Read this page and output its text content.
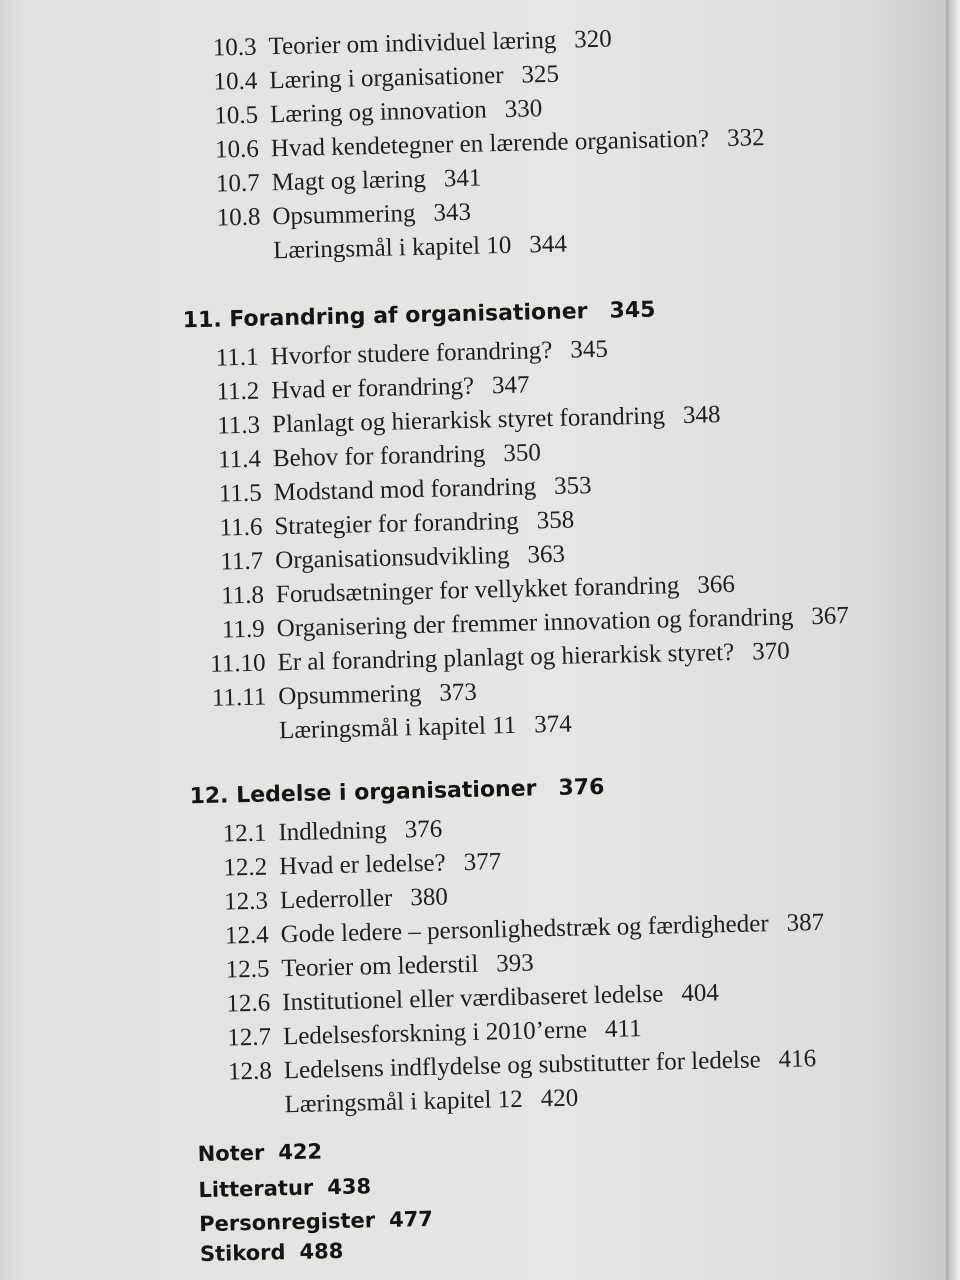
10.3 Teorier om individuel læring 320
10.4 Læring i organisationer 325
10.5 Læring og innovation 330
10.6 Hvad kendetegner en lærende organisation? 332
10.7 Magt og læring 341
10.8 Opsummering 343
Læringsmål i kapitel 10 344
11. Forandring af organisationer 345
11.1 Hvorfor studere forandring? 345
11.2 Hvad er forandring? 347
11.3 Planlagt og hierarkisk styret forandring 348
11.4 Behov for forandring 350
11.5 Modstand mod forandring 353
11.6 Strategier for forandring 358
11.7 Organisationsudvikling 363
11.8 Forudsætninger for vellykket forandring 366
11.9 Organisering der fremmer innovation og forandring 367
11.10 Er al forandring planlagt og hierarkisk styret? 370
11.11 Opsummering 373
Læringsmål i kapitel 11 374
12. Ledelse i organisationer 376
12.1 Indledning 376
12.2 Hvad er ledelse? 377
12.3 Lederroller 380
12.4 Gode ledere – personlighedstræk og færdigheder 387
12.5 Teorier om lederstil 393
12.6 Institutionel eller værdibaseret ledelse 404
12.7 Ledelsesforskning i 2010’erne 411
12.8 Ledelsens indflydelse og substitutter for ledelse 416
Læringsmål i kapitel 12 420
Noter 422
Litteratur 438
Personregister 477
Stikord 488
